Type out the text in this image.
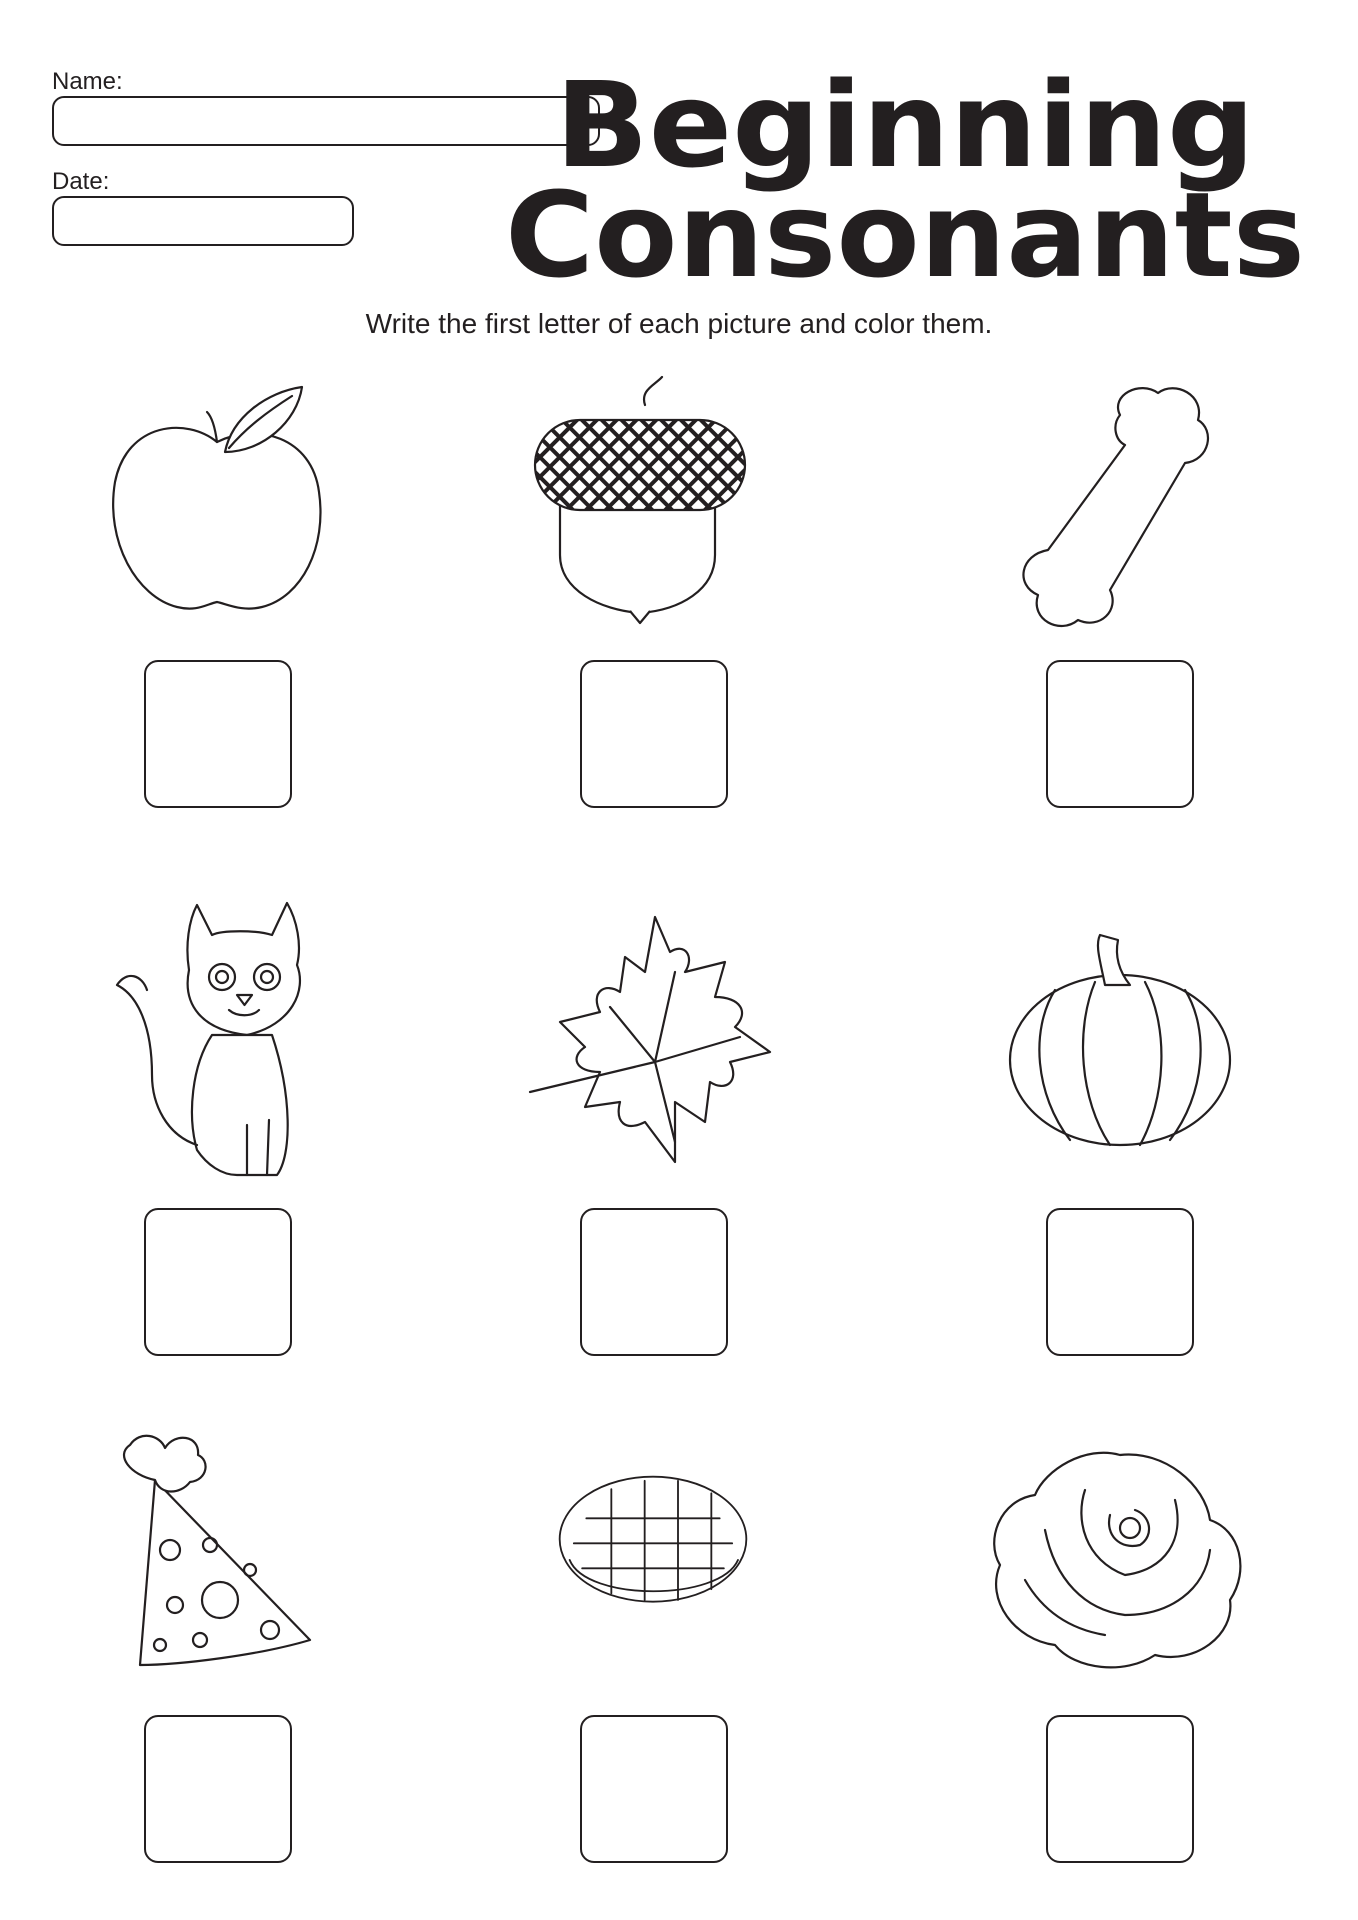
Name:
Date:	Beginning
Consonants
Write the first letter of each picture and color them.
